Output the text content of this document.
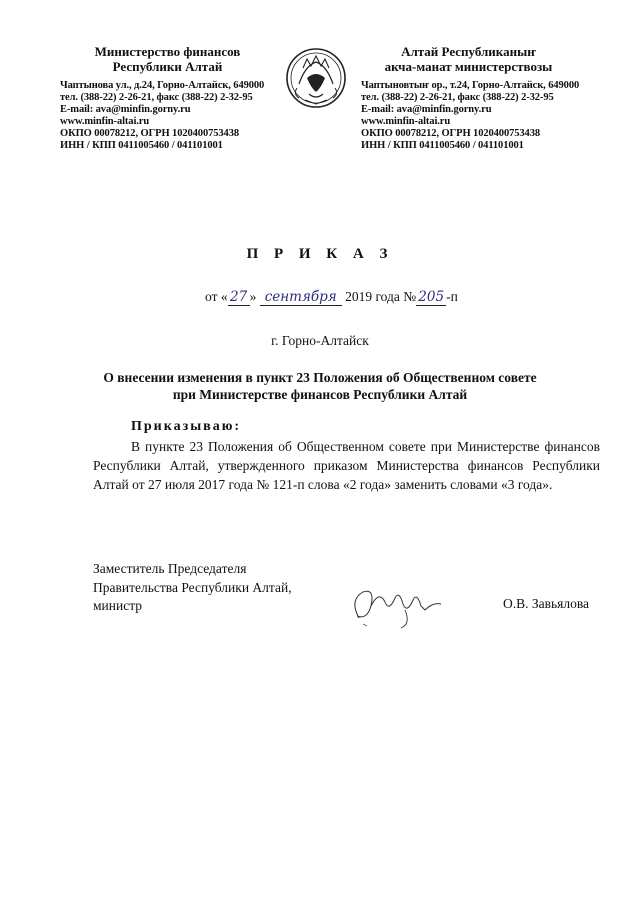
Министерство финансов
Республики Алтай
Чаптынова ул., д.24, Горно-Алтайск, 649000
тел. (388-22) 2-26-21, факс (388-22) 2-32-95
E-mail: ava@minfin.gorny.ru
www.minfin-altai.ru
ОКПО 00078212, ОГРН 1020400753438
ИНН / КПП 0411005460 / 041101001
Алтай Республиканыҥ
акча-манат министерствозы
Чаптыновтыҥ ор., т.24, Горно-Алтайск, 649000
тел. (388-22) 2-26-21, факс (388-22) 2-32-95
E-mail: ava@minfin.gorny.ru
www.minfin-altai.ru
ОКПО 00078212, ОГРН 1020400753438
ИНН / КПП 0411005460 / 041101001
П Р И К А З
от « 27 » сентября 2019 года № 205 -п
г. Горно-Алтайск
О внесении изменения в пункт 23 Положения об Общественном совете
при Министерстве финансов Республики Алтай
Приказываю:
В пункте 23 Положения об Общественном совете при Министерстве финансов Республики Алтай, утвержденного приказом Министерства финансов Республики Алтай от 27 июля 2017 года № 121-п слова «2 года» заменить словами «3 года».
Заместитель Председателя
Правительства Республики Алтай,
министр	О.В. Завьялова
